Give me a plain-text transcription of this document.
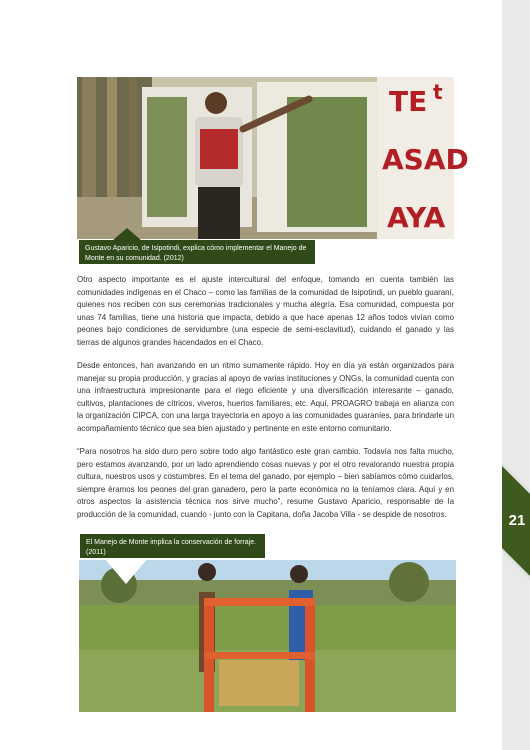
21
TE t
ASAD
AYA
Gustavo Aparicio, de Isipotindi, explica cómo implementar el Manejo de Monte en su comunidad. (2012)

Otro aspecto importante es el ajuste intercultural del enfoque, tomando en cuenta también las comunidades indígenas en el Chaco – como las familias de la comunidad de Isipotindi, un pueblo guaraní, quienes nos reciben con sus ceremonias tradicionales y mucha alegría. Esa comunidad, compuesta por unas 74 familias, tiene una historia que impacta, debido a que hace apenas 12 años todos vivían como peones bajo condiciones de servidumbre (una especie de semi-esclavitud), cuidando el ganado y las tierras de algunos grandes hacendados en el Chaco.

Desde entonces, han avanzando en un ritmo sumamente rápido. Hoy en día ya están organizados para manejar su propia producción, y gracias al apoyo de varias instituciones y ONGs, la comunidad cuenta con una infraestructura impresionante para el riego eficiente y una diversificación interesante – ganado, cultivos, plantaciones de cítricos, viveros, huertos familiares, etc. Aquí, PROAGRO trabaja en alianza con la organización CIPCA, con una larga trayectoria en apoyo a las comunidades guaraníes, para brindarle un acompañamiento técnico que sea bien ajustado y pertinente en este entorno comunitario.

“Para nosotros ha sido duro pero sobre todo algo fantástico este gran cambio. Todavía nos falta mucho, pero estamos avanzando, por un lado aprendiendo cosas nuevas y por el otro revalorando nuestra propia cultura, nuestros usos y costumbres. En el tema del ganado, por ejemplo – bien sabíamos cómo cuidarlos, siempre éramos los peones del gran ganadero, pero la parte económica no la teníamos clara. Aquí y en otros aspectos la asistencia técnica nos sirve mucho”, resume Gustavo Aparicio, responsable de la producción de la comunidad, cuando - junto con la Capitana, doña Jacoba Villa - se despide de nosotros.

El Manejo de Monte implica la conservación de forraje. (2011)
